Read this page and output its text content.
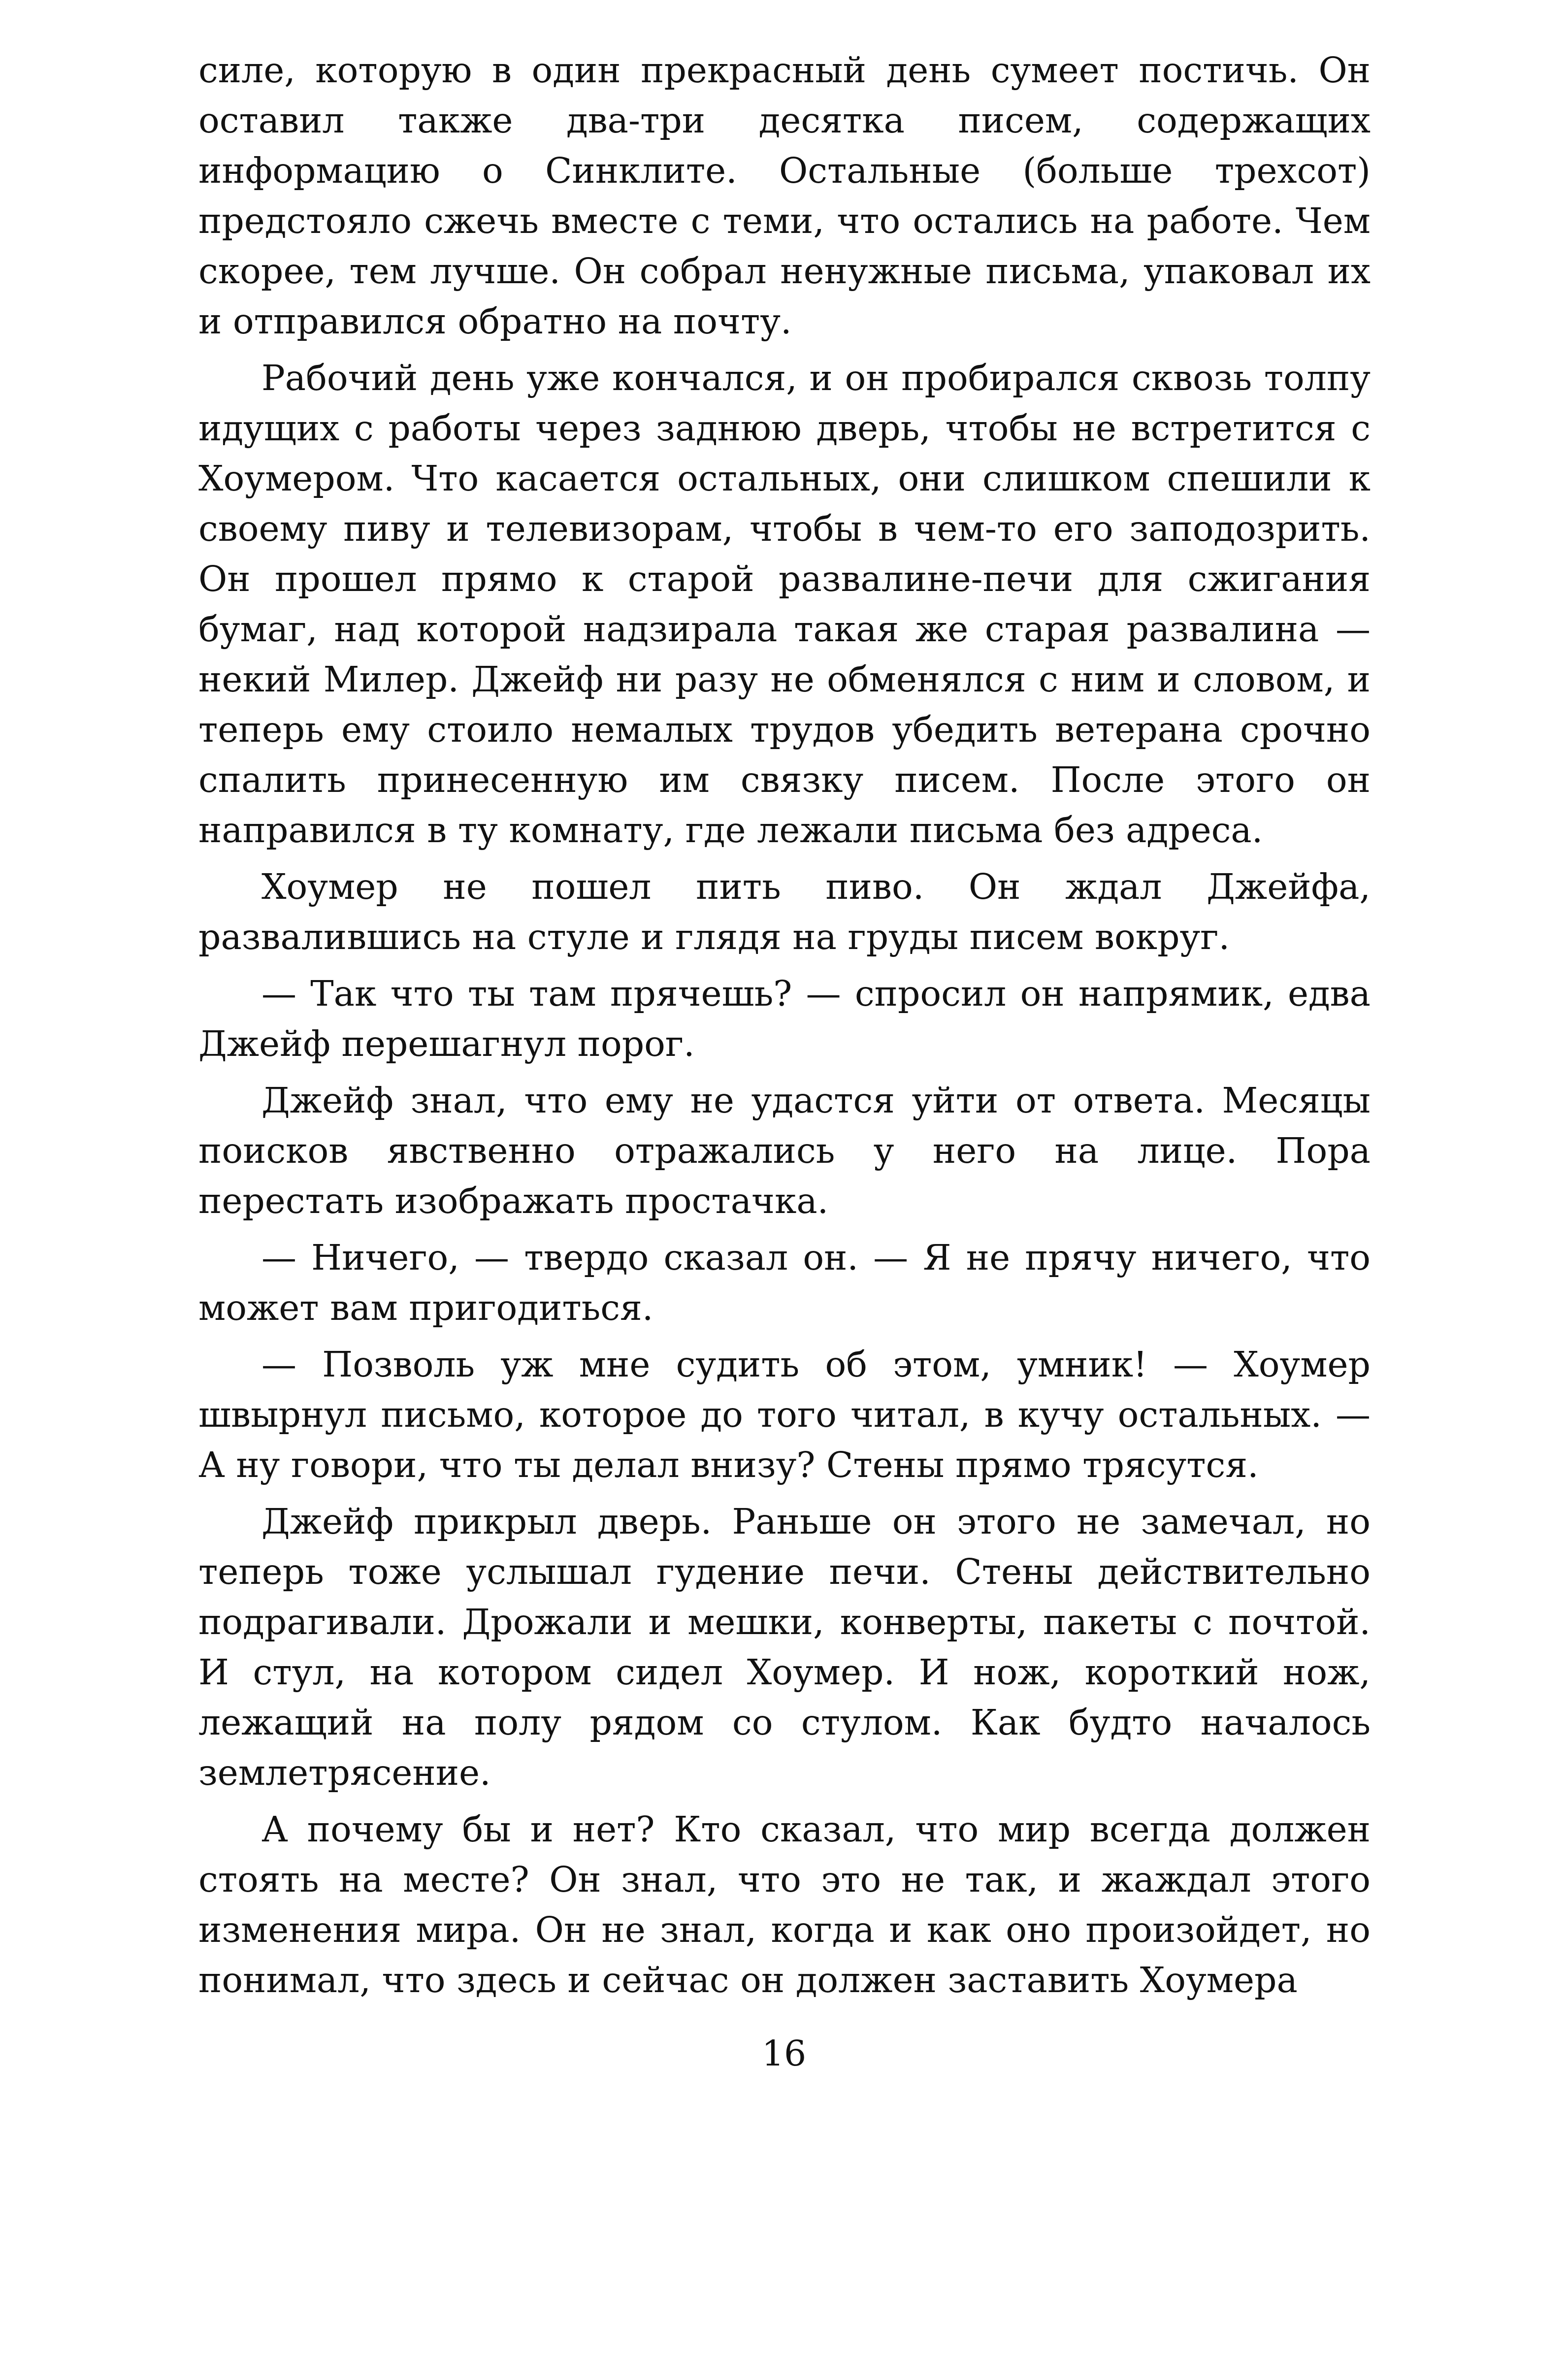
силе, которую в один прекрасный день сумеет постичь. Он оставил также два-три десятка писем, содержащих информацию о Синклите. Остальные (больше трехсот) предстояло сжечь вместе с теми, что остались на работе. Чем скорее, тем лучше. Он собрал ненужные письма, упаковал их и отправился обратно на почту.

Рабочий день уже кончался, и он пробирался сквозь толпу идущих с работы через заднюю дверь, чтобы не встретится с Хоумером. Что касается остальных, они слишком спешили к своему пиву и телевизорам, чтобы в чем-то его заподозрить. Он прошел прямо к старой развалине-печи для сжигания бумаг, над которой надзирала такая же старая развалина — некий Милер. Джейф ни разу не обменялся с ним и словом, и теперь ему стоило немалых трудов убедить ветерана срочно спалить принесенную им связку писем. После этого он направился в ту комнату, где лежали письма без адреса.

Хоумер не пошел пить пиво. Он ждал Джейфа, развалившись на стуле и глядя на груды писем вокруг.

— Так что ты там прячешь? — спросил он напрямик, едва Джейф перешагнул порог.

Джейф знал, что ему не удастся уйти от ответа. Месяцы поисков явственно отражались у него на лице. Пора перестать изображать простачка.

— Ничего, — твердо сказал он. — Я не прячу ничего, что может вам пригодиться.

— Позволь уж мне судить об этом, умник! — Хоумер швырнул письмо, которое до того читал, в кучу остальных. — А ну говори, что ты делал внизу? Стены прямо трясутся.

Джейф прикрыл дверь. Раньше он этого не замечал, но теперь тоже услышал гудение печи. Стены действительно подрагивали. Дрожали и мешки, конверты, пакеты с почтой. И стул, на котором сидел Хоумер. И нож, короткий нож, лежащий на полу рядом со стулом. Как будто началось землетрясение.

А почему бы и нет? Кто сказал, что мир всегда должен стоять на месте? Он знал, что это не так, и жаждал этого изменения мира. Он не знал, когда и как оно произойдет, но понимал, что здесь и сейчас он должен заставить Хоумера

16
